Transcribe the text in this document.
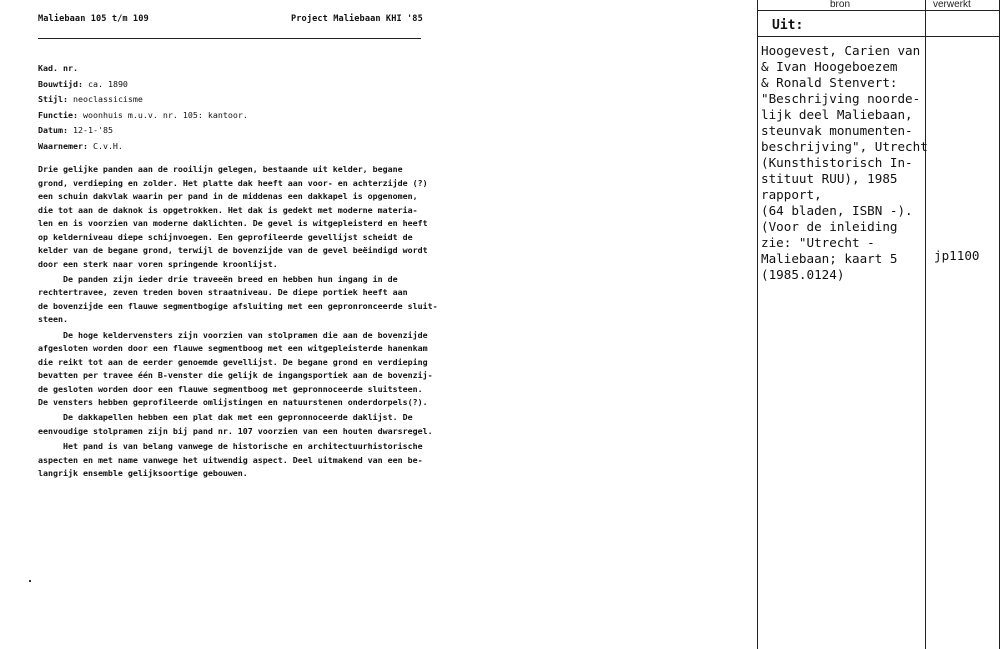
Maliebaan 105 t/m 109	Project Maliebaan KHI '85
Kad. nr.
Bouwtijd: ca. 1890
Stijl: neoclassicisme
Functie: woonhuis m.u.v. nr. 105: kantoor.
Datum: 12-1-'85
Waarnemer: C.v.H.

Drie gelijke panden aan de rooilijn gelegen, bestaande uit kelder, begane
grond, verdieping en zolder. Het platte dak heeft aan voor- en achterzijde (?)
een schuin dakvlak waarin per pand in de middenas een dakkapel is opgenomen,
die tot aan de daknok is opgetrokken. Het dak is gedekt met moderne materia-
len en is voorzien van moderne daklichten. De gevel is witgepleisterd en heeft
op kelderniveau diepe schijnvoegen. Een geprofileerde gevellijst scheidt de
kelder van de begane grond, terwijl de bovenzijde van de gevel beëindigd wordt
door een sterk naar voren springende kroonlijst.

De panden zijn ieder drie traveeën breed en hebben hun ingang in de
rechtertravee, zeven treden boven straatniveau. De diepe portiek heeft aan
de bovenzijde een flauwe segmentbogige afsluiting met een gepronronceerde sluit-
steen.

De hoge keldervensters zijn voorzien van stolpramen die aan de bovenzijde
afgesloten worden door een flauwe segmentboog met een witgepleisterde hanenkam
die reikt tot aan de eerder genoemde gevellijst. De begane grond en verdieping
bevatten per travee één B-venster die gelijk de ingangsportiek aan de bovenzij-
de gesloten worden door een flauwe segmentboog met gepronnoceerde sluitsteen.
De vensters hebben geprofileerde omlijstingen en natuurstenen onderdorpels(?).

De dakkapellen hebben een plat dak met een gepronnoceerde daklijst. De
eenvoudige stolpramen zijn bij pand nr. 107 voorzien van een houten dwarsregel.

Het pand is van belang vanwege de historische en architectuurhistorische
aspecten en met name vanwege het uitwendig aspect. Deel uitmakend van een be-
langrijk ensemble gelijksoortige gebouwen.

bron	verwerkt
Uit:
Hoogevest, Carien van
& Ivan Hoogeboezem
& Ronald Stenvert:
"Beschrijving noorde-
lijk deel Maliebaan,
steunvak monumenten-
beschrijving", Utrecht
(Kunsthistorisch In-
stituut RUU), 1985
rapport,
(64 bladen, ISBN -).
(Voor de inleiding
zie: "Utrecht -
Maliebaan; kaart 5
(1985.0124)
jp1100
